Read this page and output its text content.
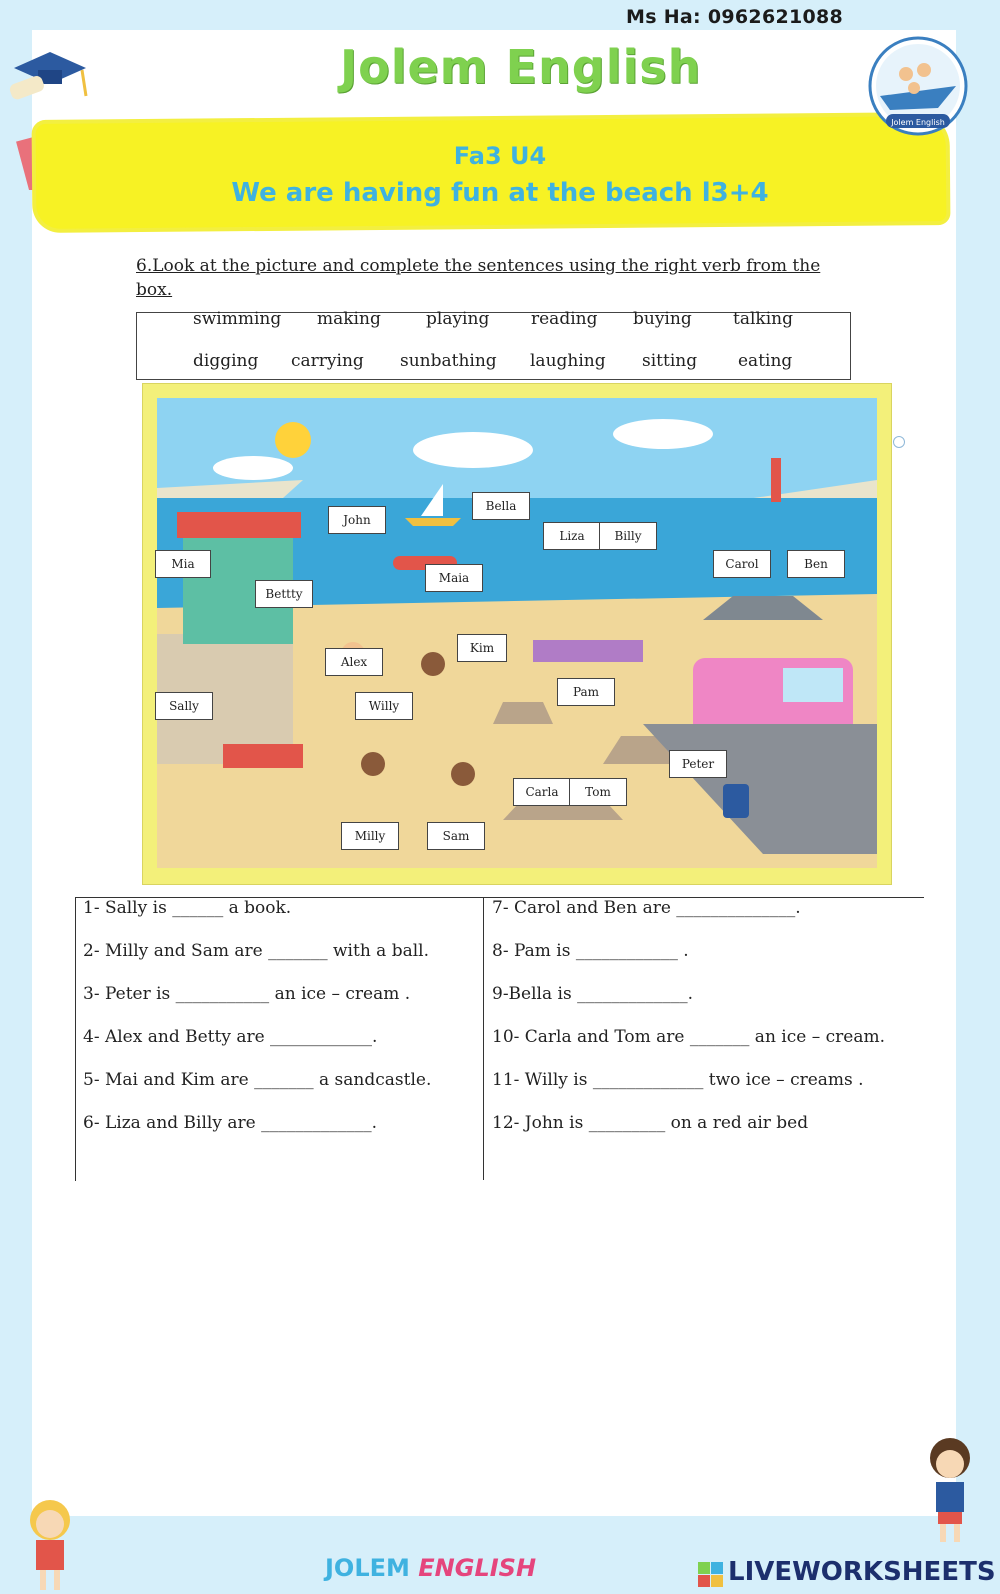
Ms Ha: 0962621088
Jolem English
Jolem English
Fa3 U4
We are having fun at the beach l3+4
6.Look at the picture and complete the sentences using the right verb from the box.
swimming making	playing reading buying talking
digging carrying sunbathing laughing sitting eating
John
Bella
Liza	Billy
Mia
Maia
Carol	Ben
Bettty
Alex
Kim
Sally	Willy
Pam
Peter
Carla	Tom
Milly	Sam
1- Sally is ______ a book.
2- Milly and Sam are _______ with a ball.
3- Peter is ___________ an ice – cream .
4- Alex and Betty are ____________.
5- Mai and Kim are _______ a sandcastle.
6- Liza and Billy are _____________.
7- Carol and Ben are ______________.
8- Pam is ____________ .
9-Bella is _____________.
10- Carla and Tom are _______ an ice – cream.
11- Willy is _____________ two ice – creams .
12- John is _________ on a red air bed
JOLEM ENGLISH	LIVEWORKSHEETS
